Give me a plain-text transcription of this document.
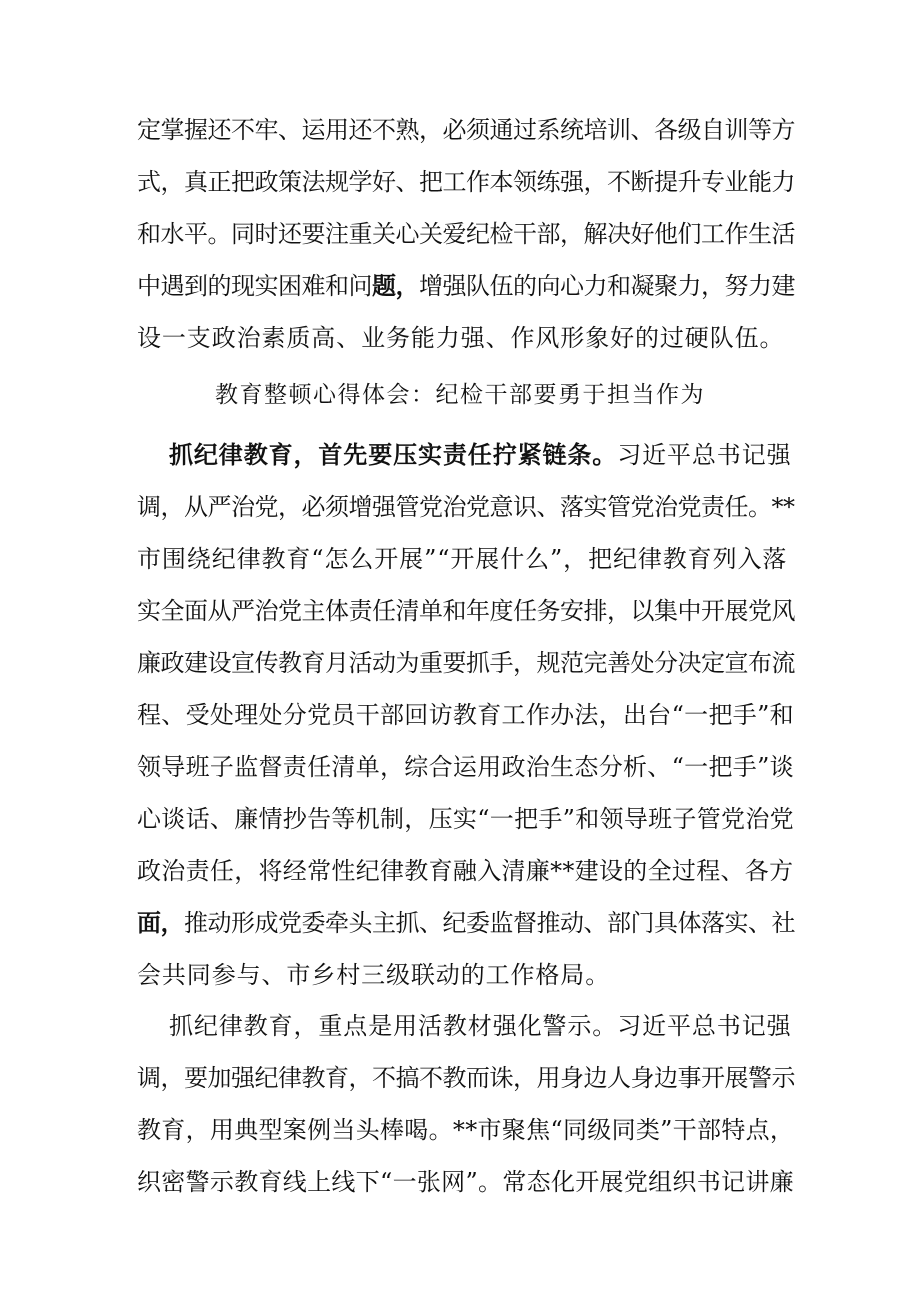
定掌握还不牢、运用还不熟，必须通过系统培训、各级自训等方
式，真正把政策法规学好、把工作本领练强，不断提升专业能力
和水平。同时还要注重关心关爱纪检干部，解决好他们工作生活
中遇到的现实困难和问题，增强队伍的向心力和凝聚力，努力建
设一支政治素质高、业务能力强、作风形象好的过硬队伍。
教育整顿心得体会：纪检干部要勇于担当作为
抓纪律教育，首先要压实责任拧紧链条。习近平总书记强
调，从严治党，必须增强管党治党意识、落实管党治党责任。**
市围绕纪律教育“怎么开展”“开展什么”，把纪律教育列入落
实全面从严治党主体责任清单和年度任务安排，以集中开展党风
廉政建设宣传教育月活动为重要抓手，规范完善处分决定宣布流
程、受处理处分党员干部回访教育工作办法，出台“一把手”和
领导班子监督责任清单，综合运用政治生态分析、“一把手”谈
心谈话、廉情抄告等机制，压实“一把手”和领导班子管党治党
政治责任，将经常性纪律教育融入清廉**建设的全过程、各方
面，推动形成党委牵头主抓、纪委监督推动、部门具体落实、社
会共同参与、市乡村三级联动的工作格局。
抓纪律教育，重点是用活教材强化警示。习近平总书记强
调，要加强纪律教育，不搞不教而诛，用身边人身边事开展警示
教育，用典型案例当头棒喝。**市聚焦“同级同类”干部特点，
织密警示教育线上线下“一张网”。常态化开展党组织书记讲廉
